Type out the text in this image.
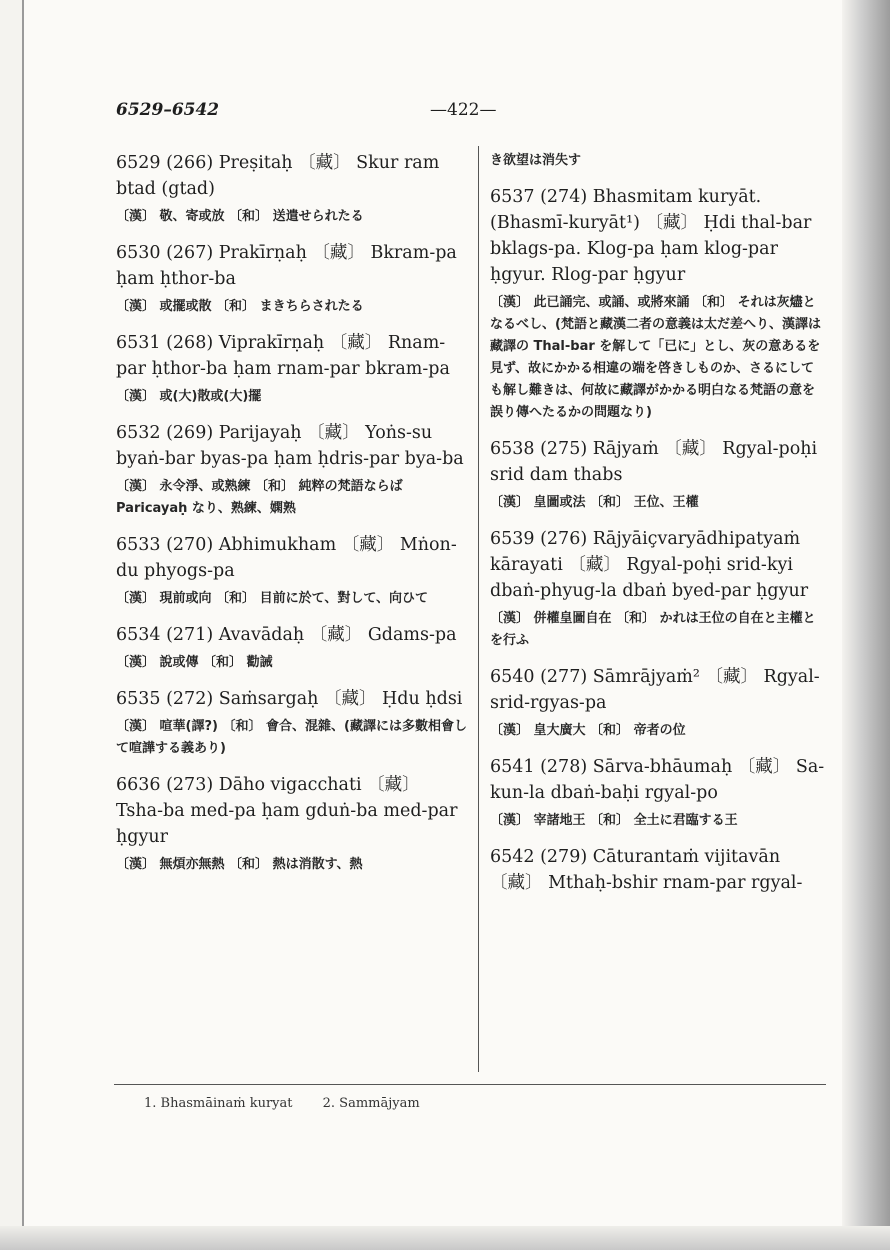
6529–6542	—422—
6529 (266) Preṣitaḥ 〔藏〕 Skur ram btad (gtad)
〔漢〕 敬、寄或放 〔和〕 送遣せられたる
6530 (267) Prakīrṇaḥ 〔藏〕 Bkram-pa ḥam ḥthor-ba
〔漢〕 或擺或散 〔和〕 まきちらされたる
6531 (268) Viprakīrṇaḥ 〔藏〕 Rnam-par ḥthor-ba ḥam rnam-par bkram-pa
〔漢〕 或(大)散或(大)擺
6532 (269) Parijayaḥ 〔藏〕 Yoṅs-su byaṅ-bar byas-pa ḥam ḥdris-par bya-ba
〔漢〕 永令淨、或熟練 〔和〕 純粹の梵語ならば Paricayaḥ なり、熟練、嫻熟
6533 (270) Abhimukham 〔藏〕 Mṅon-du phyogs-pa
〔漢〕 現前或向 〔和〕 目前に於て、對して、向ひて
6534 (271) Avavādaḥ 〔藏〕 Gdams-pa
〔漢〕 說或傳 〔和〕 勸誡
6535 (272) Saṁsargaḥ 〔藏〕 Ḥdu ḥdsi
〔漢〕 喧華(譯?) 〔和〕 會合、混雜、(藏譯には多數相會して喧譁する義あり)
6636 (273) Dāho vigacchati 〔藏〕 Tsha-ba med-pa ḥam gduṅ-ba med-par ḥgyur
〔漢〕 無煩亦無熱 〔和〕 熱は消散す、熱
き欲望は消失す
6537 (274) Bhasmitam kuryāt. (Bhasmī-kuryāt¹) 〔藏〕 Ḥdi thal-bar bklags-pa. Klog-pa ḥam klog-par ḥgyur. Rlog-par ḥgyur
〔漢〕 此已誦完、或誦、或將來誦 〔和〕 それは灰燼となるべし、(梵語と藏漢二者の意義は太だ差へり、漢譯は藏譯の Thal-bar を解して「已に」とし、灰の意あるを見ず、故にかかる相違の端を啓きしものか、さるにしても解し難きは、何故に藏譯がかかる明白なる梵語の意を誤り傳へたるかの問題なり)
6538 (275) Rājyaṁ 〔藏〕 Rgyal-poḥi srid dam thabs
〔漢〕 皇圖或法 〔和〕 王位、王權
6539 (276) Rājyāiçvaryādhipatyaṁ kārayati 〔藏〕 Rgyal-poḥi srid-kyi dbaṅ-phyug-la dbaṅ byed-par ḥgyur
〔漢〕 併權皇圖自在 〔和〕 かれは王位の自在と主權とを行ふ
6540 (277) Sāmrājyaṁ² 〔藏〕 Rgyal-srid-rgyas-pa
〔漢〕 皇大廣大 〔和〕 帝者の位
6541 (278) Sārva-bhāumaḥ 〔藏〕 Sa-kun-la dbaṅ-baḥi rgyal-po
〔漢〕 宰諸地王 〔和〕 全土に君臨する王
6542 (279) Cāturantaṁ vijitavān 〔藏〕 Mthaḥ-bshir rnam-par rgyal-
1. Bhasmāinaṁ kuryat 2. Sammājyam
